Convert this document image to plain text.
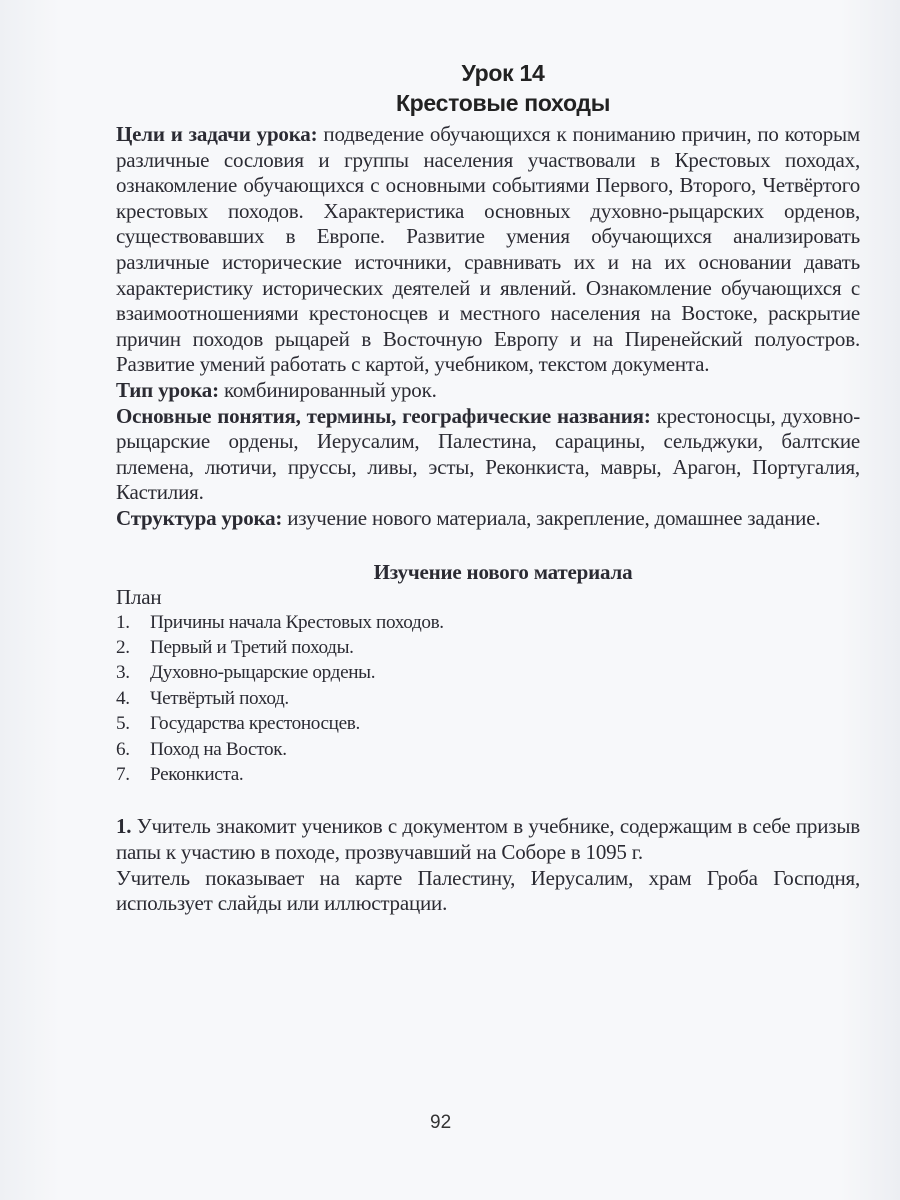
Урок 14
Крестовые походы

Цели и задачи урока: подведение обучающихся к пониманию причин, по которым различные сословия и группы населения участвовали в Крестовых походах, ознакомление обучающихся с основными событиями Первого, Второго, Четвёртого крестовых походов. Характеристика основных духовно-рыцарских орденов, существовавших в Европе. Развитие умения обучающихся анализировать различные исторические источники, сравнивать их и на их основании давать характеристику исторических деятелей и явлений. Ознакомление обучающихся с взаимоотношениями крестоносцев и местного населения на Востоке, раскрытие причин походов рыцарей в Восточную Европу и на Пиренейский полуостров. Развитие умений работать с картой, учебником, текстом документа.

Тип урока: комбинированный урок.

Основные понятия, термины, географические названия: крестоносцы, духовно-рыцарские ордены, Иерусалим, Палестина, сарацины, сельджуки, балтские племена, лютичи, пруссы, ливы, эсты, Реконкиста, мавры, Арагон, Португалия, Кастилия.

Структура урока: изучение нового материала, закрепление, домашнее задание.

Изучение нового материала
План
1. Причины начала Крестовых походов.
2. Первый и Третий походы.
3. Духовно-рыцарские ордены.
4. Четвёртый поход.
5. Государства крестоносцев.
6. Поход на Восток.
7. Реконкиста.

1. Учитель знакомит учеников с документом в учебнике, содержащим в себе призыв папы к участию в походе, прозвучавший на Соборе в 1095 г.

Учитель показывает на карте Палестину, Иерусалим, храм Гроба Господня, использует слайды или иллюстрации.

92
